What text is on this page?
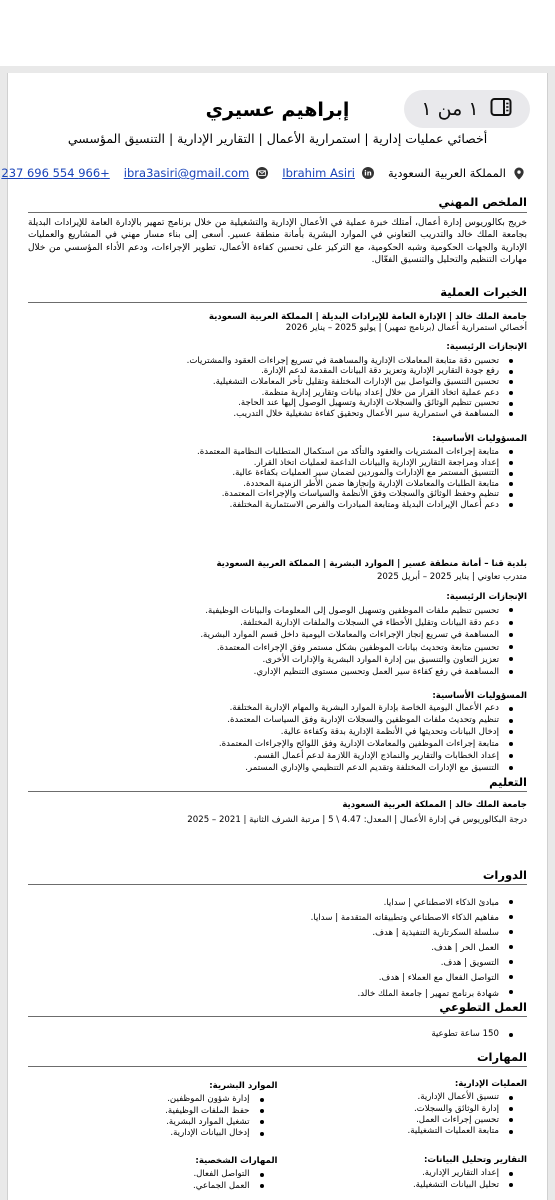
١ من ١
إبراهيم عسيري
أخصائي عمليات إدارية | استمرارية الأعمال | التقارير الإدارية | التنسيق المؤسسي
المملكة العربية السعودية
in
Ibrahim Asiri
ibra3asiri@gmail.com
+966 554 696 237
الملخص المهني
خريج بكالوريوس إدارة أعمال، أمتلك خبرة عملية في الأعمال الإدارية والتشغيلية من خلال برنامج تمهير بالإدارة العامة للإيرادات البديلة بجامعة الملك خالد والتدريب التعاوني في الموارد البشرية بأمانة منطقة عسير. أسعى إلى بناء مسار مهني في المشاريع والعمليات الإدارية والجهات الحكومية وشبه الحكومية، مع التركيز على تحسين كفاءة الأعمال، تطوير الإجراءات، ودعم الأداء المؤسسي من خلال مهارات التنظيم والتحليل والتنسيق الفعّال.
الخبرات العملية
جامعة الملك خالد | الإدارة العامة للإيرادات البديلة | المملكة العربية السعودية
أخصائي استمرارية أعمال (برنامج تمهير) | يوليو 2025 – يناير 2026
الإنجازات الرئيسية:
تحسين دقة متابعة المعاملات الإدارية والمساهمة في تسريع إجراءات العقود والمشتريات.
رفع جودة التقارير الإدارية وتعزيز دقة البيانات المقدمة لدعم الإدارة.
تحسين التنسيق والتواصل بين الإدارات المختلفة وتقليل تأخر المعاملات التشغيلية.
دعم عملية اتخاذ القرار من خلال إعداد بيانات وتقارير إدارية منظمة.
تحسين تنظيم الوثائق والسجلات الإدارية وتسهيل الوصول إليها عند الحاجة.
المساهمة في استمرارية سير الأعمال وتحقيق كفاءة تشغيلية خلال التدريب.
المسؤوليات الأساسية:
متابعة إجراءات المشتريات والعقود والتأكد من استكمال المتطلبات النظامية المعتمدة.
إعداد ومراجعة التقارير الإدارية والبيانات الداعمة لعمليات اتخاذ القرار.
التنسيق المستمر مع الإدارات والموردين لضمان سير العمليات بكفاءة عالية.
متابعة الطلبات والمعاملات الإدارية وإنجازها ضمن الأطر الزمنية المحددة.
تنظيم وحفظ الوثائق والسجلات وفق الأنظمة والسياسات والإجراءات المعتمدة.
دعم أعمال الإيرادات البديلة ومتابعة المبادرات والفرص الاستثمارية المختلفة.
بلدية قنا – أمانة منطقة عسير | الموارد البشرية | المملكة العربية السعودية
متدرب تعاوني | يناير 2025 – أبريل 2025
الإنجازات الرئيسية:
تحسين تنظيم ملفات الموظفين وتسهيل الوصول إلى المعلومات والبيانات الوظيفية.
دعم دقة البيانات وتقليل الأخطاء في السجلات والملفات الإدارية المختلفة.
المساهمة في تسريع إنجاز الإجراءات والمعاملات اليومية داخل قسم الموارد البشرية.
تحسين متابعة وتحديث بيانات الموظفين بشكل مستمر وفق الإجراءات المعتمدة.
تعزيز التعاون والتنسيق بين إدارة الموارد البشرية والإدارات الأخرى.
المساهمة في رفع كفاءة سير العمل وتحسين مستوى التنظيم الإداري.
المسؤوليات الأساسية:
دعم الأعمال اليومية الخاصة بإدارة الموارد البشرية والمهام الإدارية المختلفة.
تنظيم وتحديث ملفات الموظفين والسجلات الإدارية وفق السياسات المعتمدة.
إدخال البيانات وتحديثها في الأنظمة الإدارية بدقة وكفاءة عالية.
متابعة إجراءات الموظفين والمعاملات الإدارية وفق اللوائح والإجراءات المعتمدة.
إعداد الخطابات والتقارير والنماذج الإدارية اللازمة لدعم أعمال القسم.
التنسيق مع الإدارات المختلفة وتقديم الدعم التنظيمي والإداري المستمر.
التعليم
جامعة الملك خالد | المملكة العربية السعودية
درجة البكالوريوس في إدارة الأعمال | المعدل: 4.47 \ 5 | مرتبة الشرف الثانية | 2021 – 2025
الدورات
مبادئ الذكاء الاصطناعي | سدايا.
مفاهيم الذكاء الاصطناعي وتطبيقاته المتقدمة | سدايا.
سلسلة السكرتارية التنفيذية | هدف.
العمل الحر | هدف.
التسويق | هدف.
التواصل الفعال مع العملاء | هدف.
شهادة برنامج تمهير | جامعة الملك خالد.
العمل التطوعي
150 ساعة تطوعية
المهارات
العمليات الإدارية:
تنسيق الأعمال الإدارية.
إدارة الوثائق والسجلات.
تحسين إجراءات العمل.
متابعة العمليات التشغيلية.
الموارد البشرية:
إدارة شؤون الموظفين.
حفظ الملفات الوظيفية.
تشغيل الموارد البشرية.
إدخال البيانات الإدارية.
التقارير وتحليل البيانات:
إعداد التقارير الإدارية.
تحليل البيانات التشغيلية.
المهارات الشخصية:
التواصل الفعال.
العمل الجماعي.
